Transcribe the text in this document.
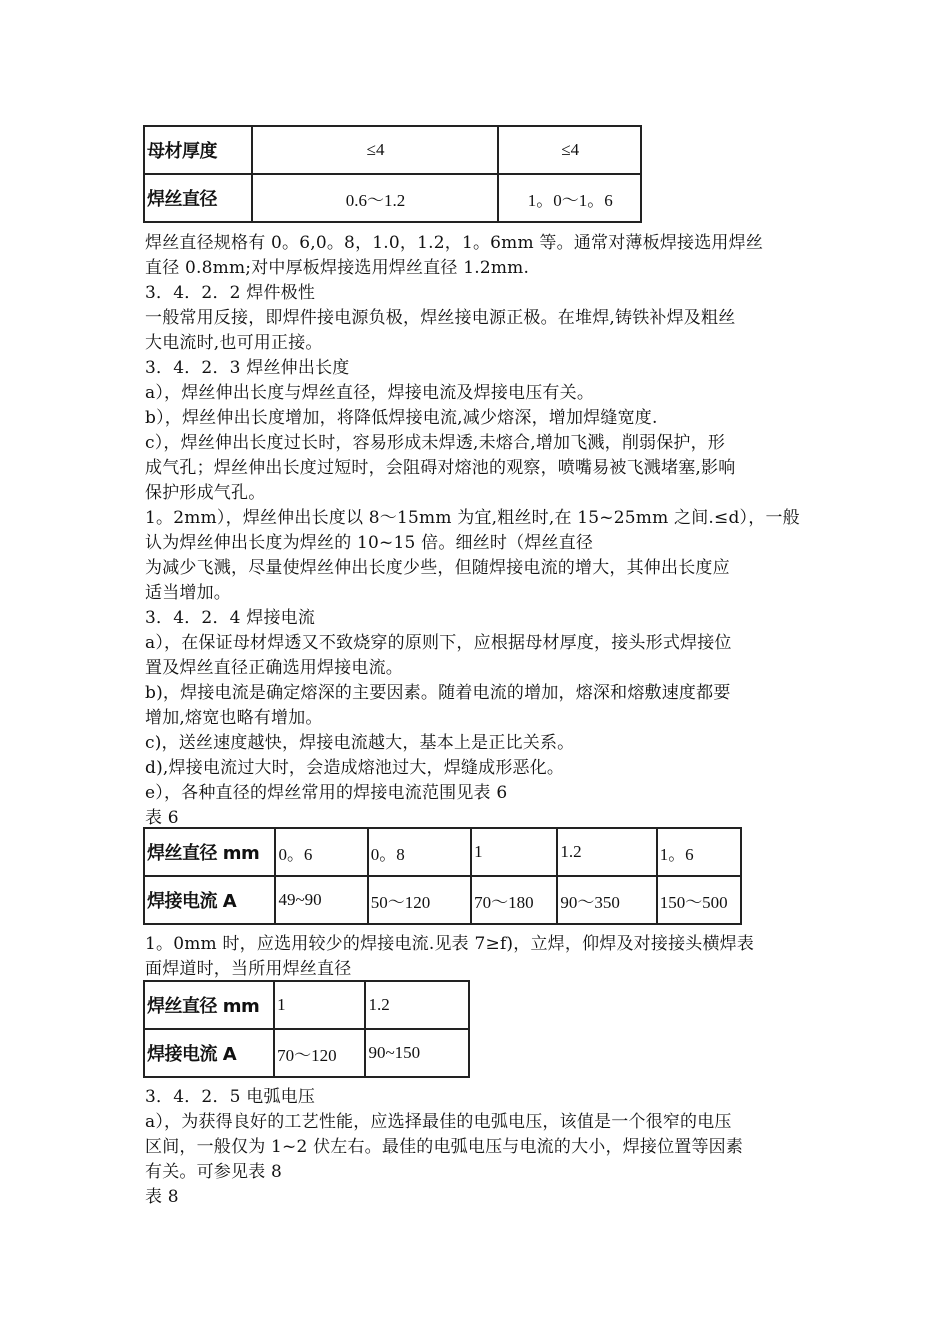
母材厚度	≤4	≤4
焊丝直径	0.6～1.2	1。0～1。6
焊丝直径规格有 0。6,0。8，1.0，1.2，1。6mm 等。通常对薄板焊接选用焊丝
直径 0.8mm;对中厚板焊接选用焊丝直径 1.2mm.
3．4．2．2 焊件极性
一般常用反接，即焊件接电源负极，焊丝接电源正极。在堆焊,铸铁补焊及粗丝
大电流时,也可用正接。
3．4．2．3 焊丝伸出长度
a），焊丝伸出长度与焊丝直径，焊接电流及焊接电压有关。
b），焊丝伸出长度增加，将降低焊接电流,减少熔深，增加焊缝宽度.
c），焊丝伸出长度过长时，容易形成未焊透,未熔合,增加飞溅，削弱保护，形
成气孔；焊丝伸出长度过短时，会阻碍对熔池的观察，喷嘴易被飞溅堵塞,影响
保护形成气孔。
1。2mm），焊丝伸出长度以 8～15mm 为宜,粗丝时,在 15~25mm 之间.≤d），一般
认为焊丝伸出长度为焊丝的 10~15 倍。细丝时（焊丝直径
为减少飞溅，尽量使焊丝伸出长度少些，但随焊接电流的增大，其伸出长度应
适当增加。
3．4．2．4 焊接电流
a），在保证母材焊透又不致烧穿的原则下，应根据母材厚度，接头形式焊接位
置及焊丝直径正确选用焊接电流。
b)，焊接电流是确定熔深的主要因素。随着电流的增加，熔深和熔敷速度都要
增加,熔宽也略有增加。
c)，送丝速度越快，焊接电流越大，基本上是正比关系。
d),焊接电流过大时，会造成熔池过大，焊缝成形恶化。
e），各种直径的焊丝常用的焊接电流范围见表 6
表 6
焊丝直径 mm	0。6	0。8	1	1.2	1。6
焊接电流 A	49~90	50～120	70～180	90～350	150～500
1。0mm 时，应选用较少的焊接电流.见表 7≥f)，立焊，仰焊及对接接头横焊表
面焊道时，当所用焊丝直径
焊丝直径 mm	1	1.2
焊接电流 A	70～120	90~150
3．4．2．5 电弧电压
a），为获得良好的工艺性能，应选择最佳的电弧电压，该值是一个很窄的电压
区间，一般仅为 1~2 伏左右。最佳的电弧电压与电流的大小，焊接位置等因素
有关。可参见表 8
表 8
